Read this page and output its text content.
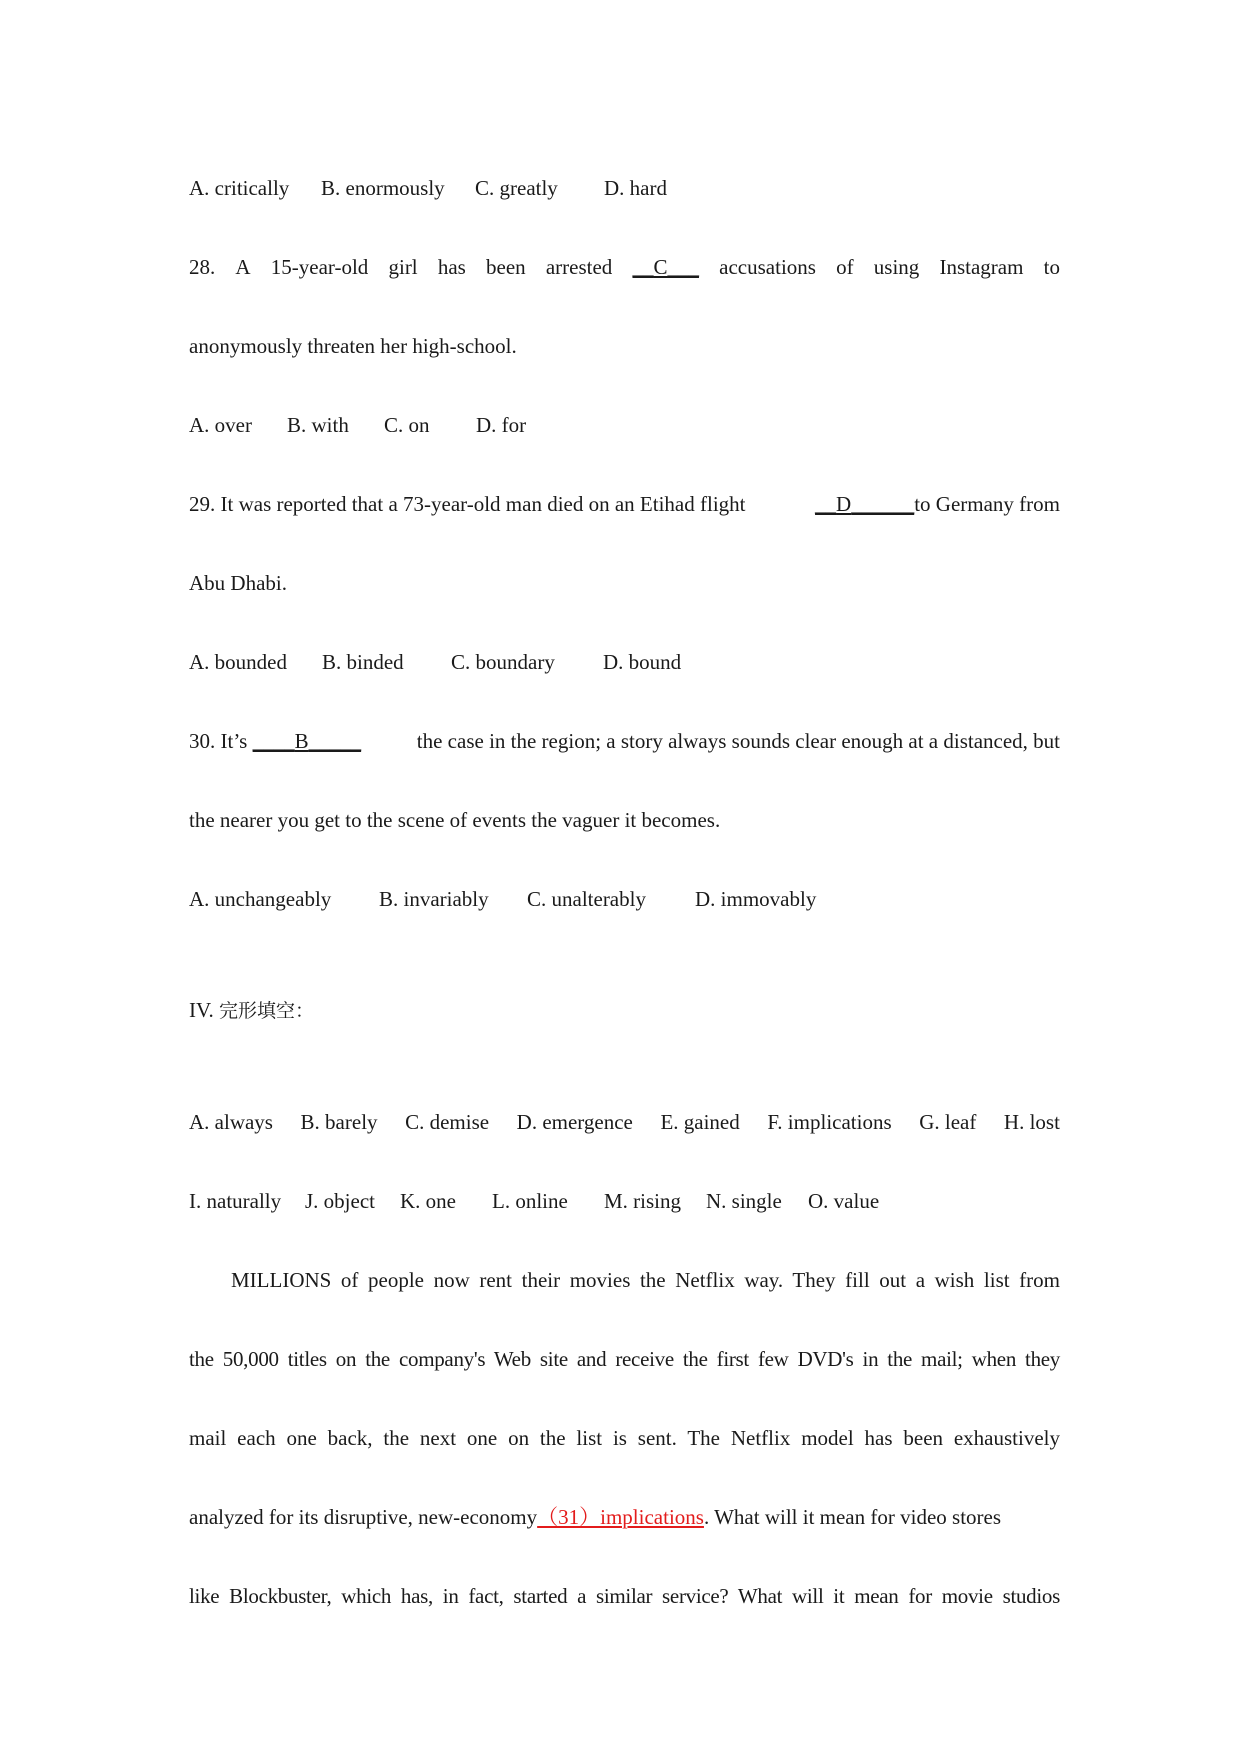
A. critically B. enormously C. greatly D. hard
28. A 15-year-old girl has been arrested __C___ accusations of using Instagram to
anonymously threaten her high-school.
A. over B. with C. on D. for
29. It was reported that a 73-year-old man died on an Etihad flight	__D______to Germany from
Abu Dhabi.
A. bounded B. binded C. boundary D. bound
30. It’s ____B_____	the case in the region; a story always sounds clear enough at a distanced, but
the nearer you get to the scene of events the vaguer it becomes.
A. unchangeably B. invariably C. unalterably D. immovably
IV. 完形填空：
A. always B. barely C. demise D. emergence E. gained F. implications G. leaf H. lost
I. naturally J. object K. one L. online M. rising N. single O. value
MILLIONS of people now rent their movies the Netflix way. They fill out a wish list from
the 50,000 titles on the company's Web site and receive the first few DVD's in the mail; when they
mail each one back, the next one on the list is sent. The Netflix model has been exhaustively
analyzed for its disruptive, new-economy（31）implications. What will it mean for video stores
like Blockbuster, which has, in fact, started a similar service? What will it mean for movie studios
